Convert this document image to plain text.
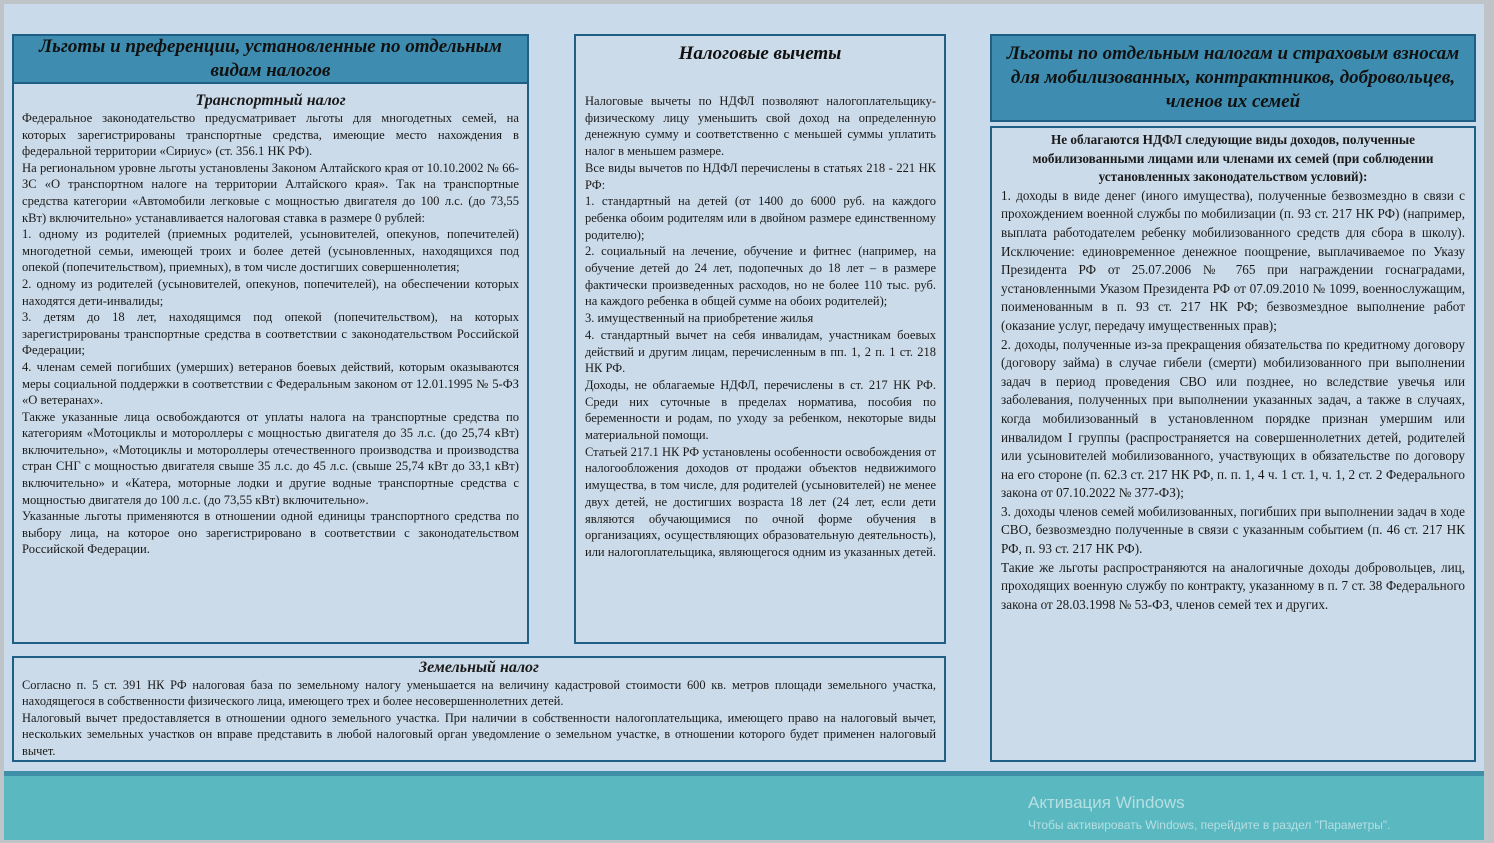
Льготы и преференции, установленные по отдельным видам налогов

Транспортный налог

Федеральное законодательство предусматривает льготы для многодетных семей, на которых зарегистрированы транспортные средства, имеющие место нахождения в федеральной территории «Сириус» (ст. 356.1 НК РФ).

На региональном уровне льготы установлены Законом Алтайского края от 10.10.2002 № 66-ЗС «О транспортном налоге на территории Алтайского края». Так на транспортные средства категории «Автомобили легковые с мощностью двигателя до 100 л.с. (до 73,55 кВт) включительно» устанавливается налоговая ставка в размере 0 рублей:

1. одному из родителей (приемных родителей, усыновителей, опекунов, попечителей) многодетной семьи, имеющей троих и более детей (усыновленных, находящихся под опекой (попечительством), приемных), в том числе достигших совершеннолетия;

2. одному из родителей (усыновителей, опекунов, попечителей), на обеспечении которых находятся дети-инвалиды;

3. детям до 18 лет, находящимся под опекой (попечительством), на которых зарегистрированы транспортные средства в соответствии с законодательством Российской Федерации;

4. членам семей погибших (умерших) ветеранов боевых действий, которым оказываются меры социальной поддержки в соответствии с Федеральным законом от 12.01.1995 № 5-ФЗ «О ветеранах».

Также указанные лица освобождаются от уплаты налога на транспортные средства по категориям «Мотоциклы и мотороллеры с мощностью двигателя до 35 л.с. (до 25,74 кВт) включительно», «Мотоциклы и мотороллеры отечественного производства и производства стран СНГ с мощностью двигателя свыше 35 л.с. до 45 л.с. (свыше 25,74 кВт до 33,1 кВт) включительно» и «Катера, моторные лодки и другие водные транспортные средства с мощностью двигателя до 100 л.с. (до 73,55 кВт) включительно».

Указанные льготы применяются в отношении одной единицы транспортного средства по выбору лица, на которое оно зарегистрировано в соответствии с законодательством Российской Федерации.

Земельный налог

Согласно п. 5 ст. 391 НК РФ налоговая база по земельному налогу уменьшается на величину кадастровой стоимости 600 кв. метров площади земельного участка, находящегося в собственности физического лица, имеющего трех и более несовершеннолетних детей.

Налоговый вычет предоставляется в отношении одного земельного участка. При наличии в собственности налогоплательщика, имеющего право на налоговый вычет, нескольких земельных участков он вправе представить в любой налоговый орган уведомление о земельном участке, в отношении которого будет применен налоговый вычет.

Налоговые вычеты

Налоговые вычеты по НДФЛ позволяют налогоплательщику-физическому лицу уменьшить свой доход на определенную денежную сумму и соответственно с меньшей суммы уплатить налог в меньшем размере.

Все виды вычетов по НДФЛ перечислены в статьях 218 - 221 НК РФ:

1. стандартный на детей (от 1400 до 6000 руб. на каждого ребенка обоим родителям или в двойном размере единственному родителю);

2. социальный на лечение, обучение и фитнес (например, на обучение детей до 24 лет, подопечных до 18 лет – в размере фактически произведенных расходов, но не более 110 тыс. руб. на каждого ребенка в общей сумме на обоих родителей);

3. имущественный на приобретение жилья

4. стандартный вычет на себя инвалидам, участникам боевых действий и другим лицам, перечисленным в пп. 1, 2 п. 1 ст. 218 НК РФ.

Доходы, не облагаемые НДФЛ, перечислены в ст. 217 НК РФ. Среди них суточные в пределах норматива, пособия по беременности и родам, по уходу за ребенком, некоторые виды материальной помощи.

Статьей 217.1 НК РФ установлены особенности освобождения от налогообложения доходов от продажи объектов недвижимого имущества, в том числе, для родителей (усыновителей) не менее двух детей, не достигших возраста 18 лет (24 лет, если дети являются обучающимися по очной форме обучения в организациях, осуществляющих образовательную деятельность), или налогоплательщика, являющегося одним из указанных детей.

Льготы по отдельным налогам и страховым взносам для мобилизованных, контрактников, добровольцев, членов их семей

Не облагаются НДФЛ следующие виды доходов, полученные мобилизованными лицами или членами их семей (при соблюдении установленных законодательством условий):

1. доходы в виде денег (иного имущества), полученные безвозмездно в связи с прохождением военной службы по мобилизации (п. 93 ст. 217 НК РФ) (например, выплата работодателем ребенку мобилизованного средств для сбора в школу). Исключение: единовременное денежное поощрение, выплачиваемое по Указу Президента РФ от 25.07.2006 № 765 при награждении госнаградами, установленными Указом Президента РФ от 07.09.2010 № 1099, военнослужащим, поименованным в п. 93 ст. 217 НК РФ; безвозмездное выполнение работ (оказание услуг, передачу имущественных прав);

2. доходы, полученные из-за прекращения обязательства по кредитному договору (договору займа) в случае гибели (смерти) мобилизованного при выполнении задач в период проведения СВО или позднее, но вследствие увечья или заболевания, полученных при выполнении указанных задач, а также в случаях, когда мобилизованный в установленном порядке признан умершим или инвалидом I группы (распространяется на совершеннолетних детей, родителей или усыновителей мобилизованного, участвующих в обязательстве по договору на его стороне (п. 62.3 ст. 217 НК РФ, п. п. 1, 4 ч. 1 ст. 1, ч. 1, 2 ст. 2 Федерального закона от 07.10.2022 № 377-ФЗ);

3. доходы членов семей мобилизованных, погибших при выполнении задач в ходе СВО, безвозмездно полученные в связи с указанным событием (п. 46 ст. 217 НК РФ, п. 93 ст. 217 НК РФ).

Такие же льготы распространяются на аналогичные доходы добровольцев, лиц, проходящих военную службу по контракту, указанному в п. 7 ст. 38 Федерального закона от 28.03.1998 № 53-ФЗ, членов семей тех и других.

Активация Windows
Чтобы активировать Windows, перейдите в раздел "Параметры".
